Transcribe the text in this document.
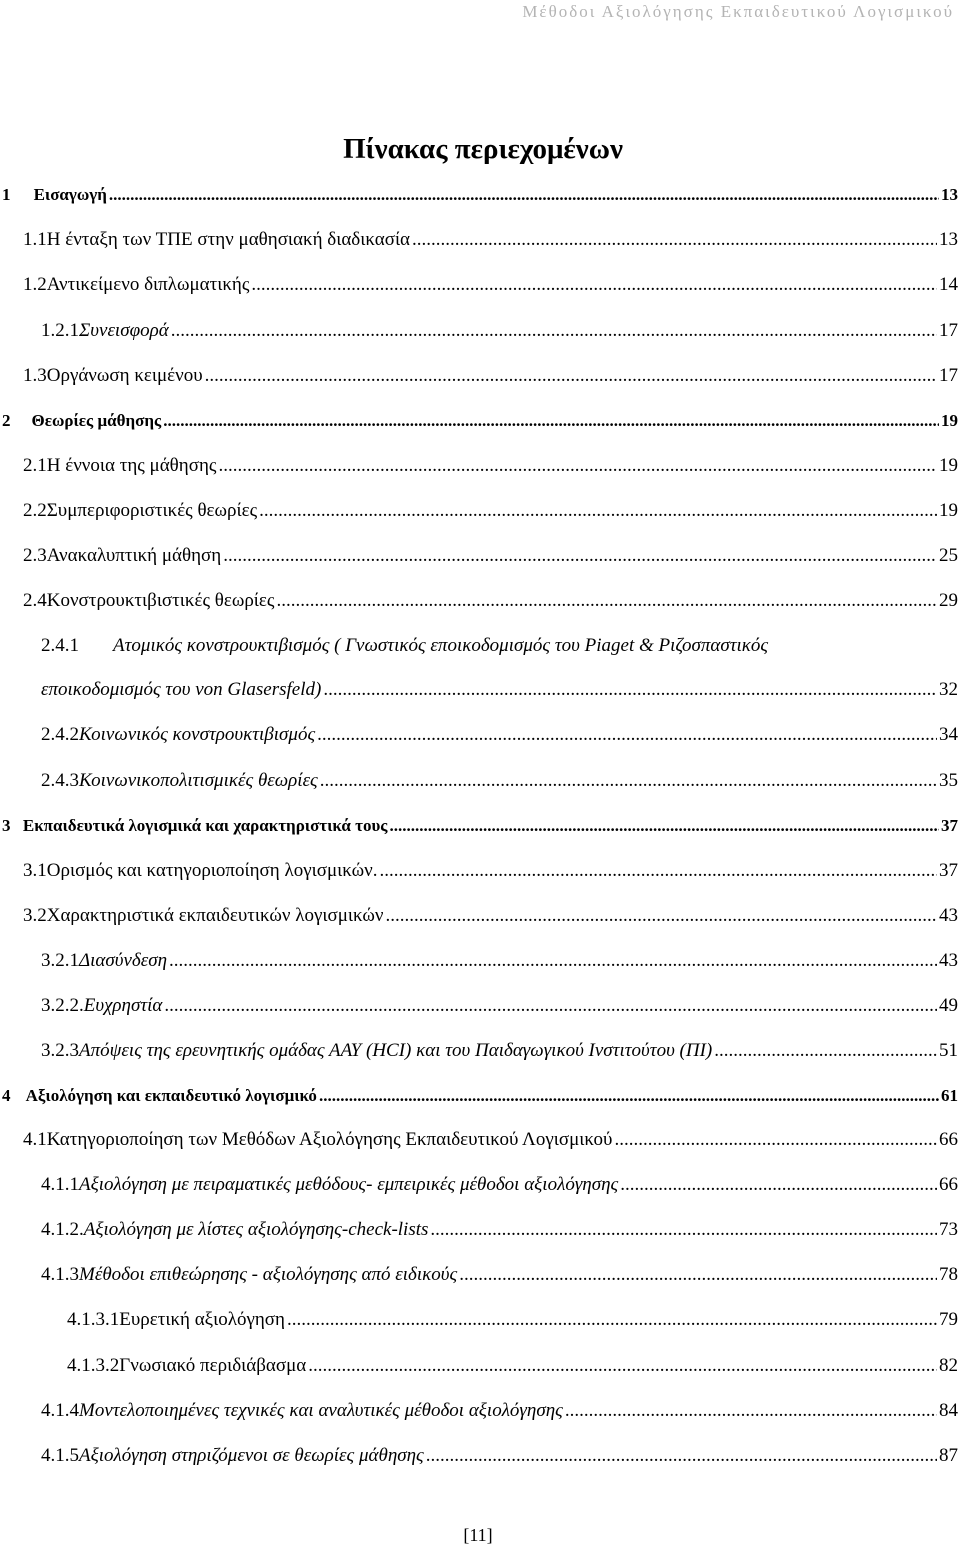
Μέθοδοι Αξιολόγησης Εκπαιδευτικού Λογισμικού
Πίνακας περιεχομένων
1	Εισαγωγή .....	13
1.1 Η ένταξη των ΤΠΕ στην μαθησιακή διαδικασία .....	13
1.2 Αντικείμενο διπλωματικής .....	14
1.2.1 Συνεισφορά .....	17
1.3 Οργάνωση κειμένου .....	17
2	Θεωρίες μάθησης .....	19
2.1 Η έννοια της μάθησης .....	19
2.2 Συμπεριφοριστικές θεωρίες .....	19
2.3 Ανακαλυπτική μάθηση .....	25
2.4 Κονστρουκτιβιστικές θεωρίες .....	29
2.4.1	Ατομικός κονστρουκτιβισμός ( Γνωστικός εποικοδομισμός του Piaget & Ριζοσπαστικός
εποικοδομισμός του von Glasersfeld) .....	32
2.4.2 Κοινωνικός κονστρουκτιβισμός .....	34
2.4.3 Κοινωνικοπολιτισμικές θεωρίες .....	35
3 Εκπαιδευτικά λογισμικά και χαρακτηριστικά τους .....	37
3.1 Ορισμός και κατηγοριοποίηση λογισμικών. .....	37
3.2 Χαρακτηριστικά εκπαιδευτικών λογισμικών .....	43
3.2.1 Διασύνδεση .....	43
3.2.2. Ευχρηστία .....	49
3.2.3 Απόψεις της ερευνητικής ομάδας ΑΑΥ (HCI) και του Παιδαγωγικού Ινστιτούτου (ΠΙ) .....	51
4 Αξιολόγηση και εκπαιδευτικό λογισμικό .....	61
4.1 Κατηγοριοποίηση των Μεθόδων Αξιολόγησης Εκπαιδευτικού Λογισμικού .....	66
4.1.1 Αξιολόγηση με πειραματικές μεθόδους- εμπειρικές μέθοδοι αξιολόγησης .....	66
4.1.2. Αξιολόγηση με λίστες αξιολόγησης-check-lists .....	73
4.1.3 Μέθοδοι επιθεώρησης - αξιολόγησης από ειδικούς .....	78
4.1.3.1 Ευρετική αξιολόγηση .....	79
4.1.3.2 Γνωσιακό περιδιάβασμα .....	82
4.1.4 Μοντελοποιημένες τεχνικές και αναλυτικές μέθοδοι αξιολόγησης .....	84
4.1.5 Αξιολόγηση στηριζόμενοι σε θεωρίες μάθησης .....	87
[11]
